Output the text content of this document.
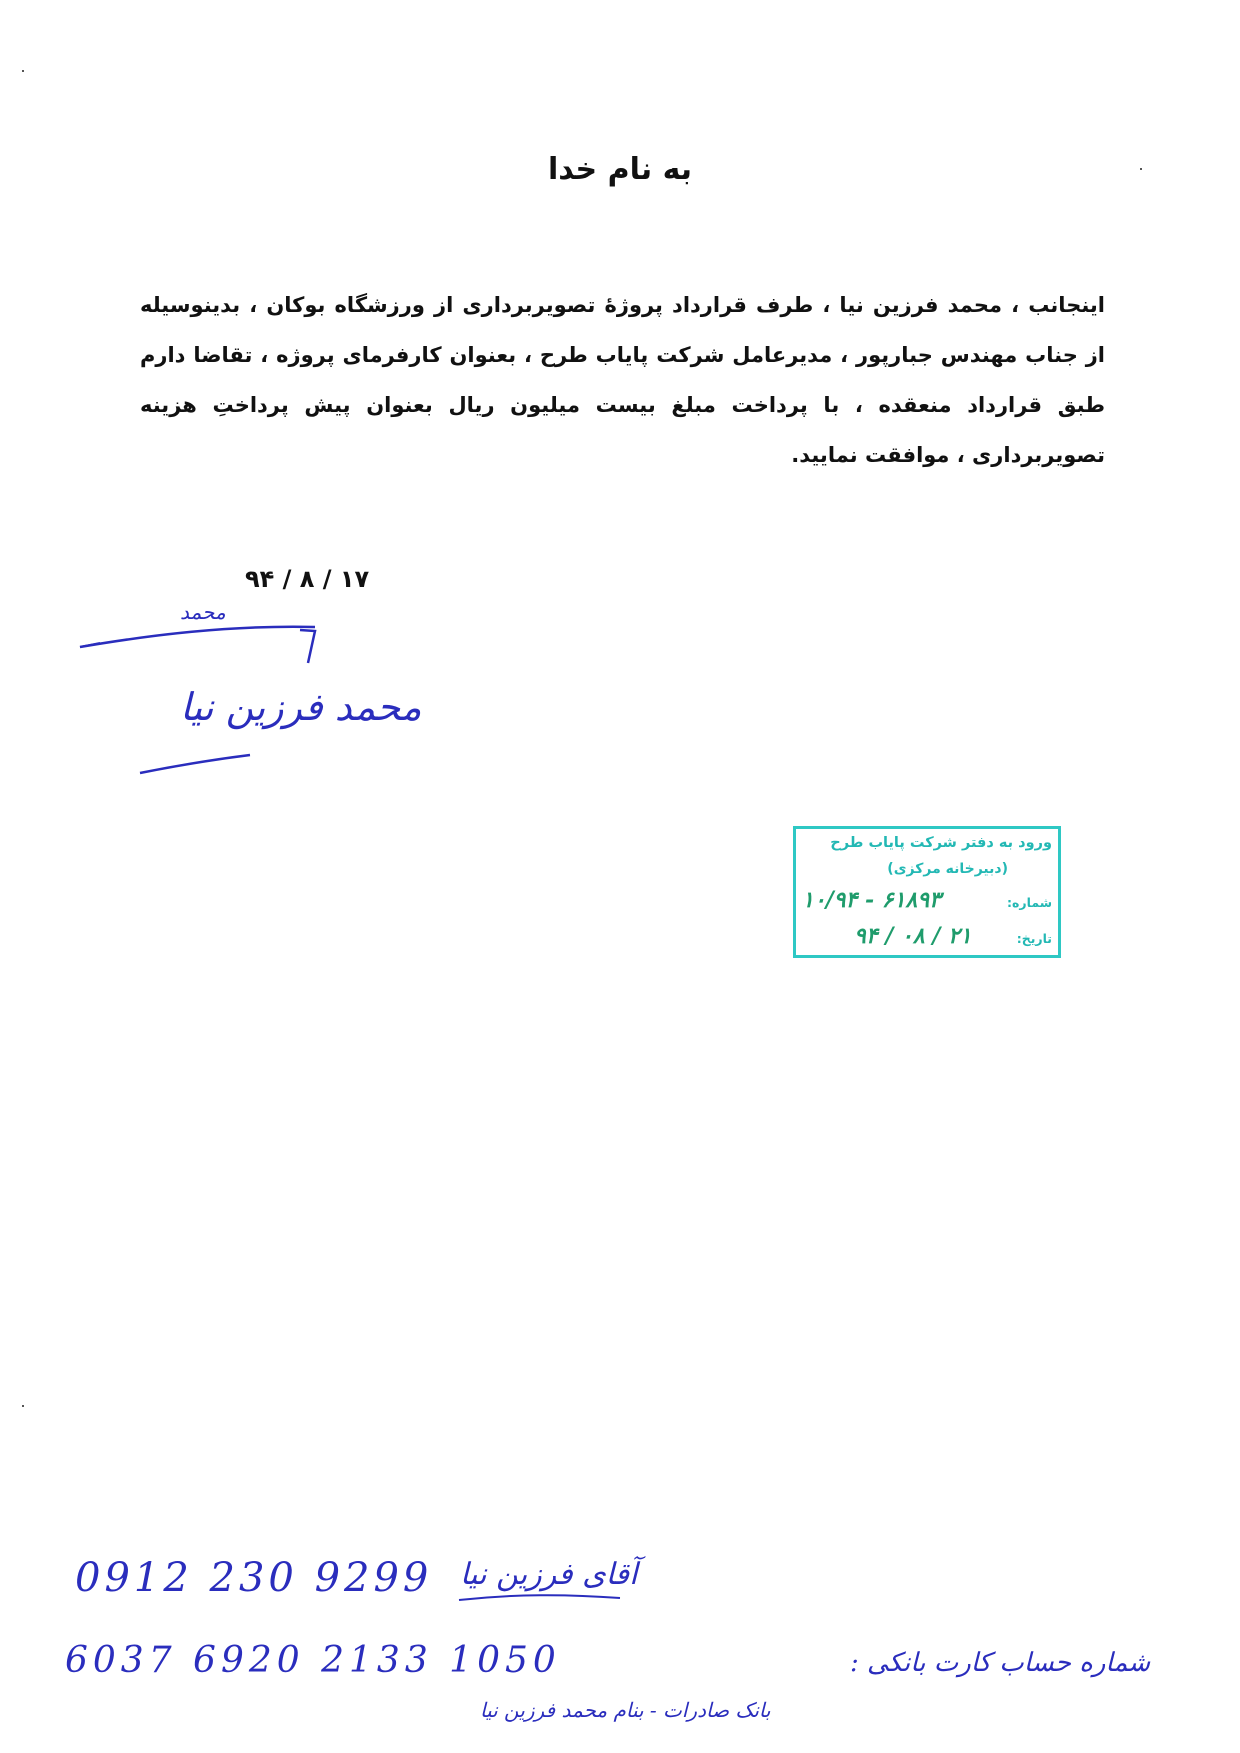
به نام خدا
اینجانب ، محمد فرزین نیا ، طرف قرارداد پروژهٔ تصویربرداری از ورزشگاه بوکان ، بدینوسیله از جناب مهندس جبارپور ، مدیرعامل شرکت پایاب طرح ، بعنوان کارفرمای پروژه ، تقاضا دارم طبق قرارداد منعقده ، با پرداخت مبلغ بیست میلیون ریال بعنوان پیش پرداختِ هزینه تصویربرداری ، موافقت نمایید.
۹۴ / ۸ / ۱۷
محمد
محمد فرزین نیا
ورود به دفتر شرکت پایاب طرح
(دبیرخانه مرکزی)
شماره:
۱۰/۹۴ - ۶۱۸۹۳
تاریخ:
۹۴ / ۰۸ / ۲۱
0912 230 9299 آقای فرزین نیا
6037 6920 2133 1050	شماره حساب کارت بانکی :
بانک صادرات - بنام محمد فرزین نیا
